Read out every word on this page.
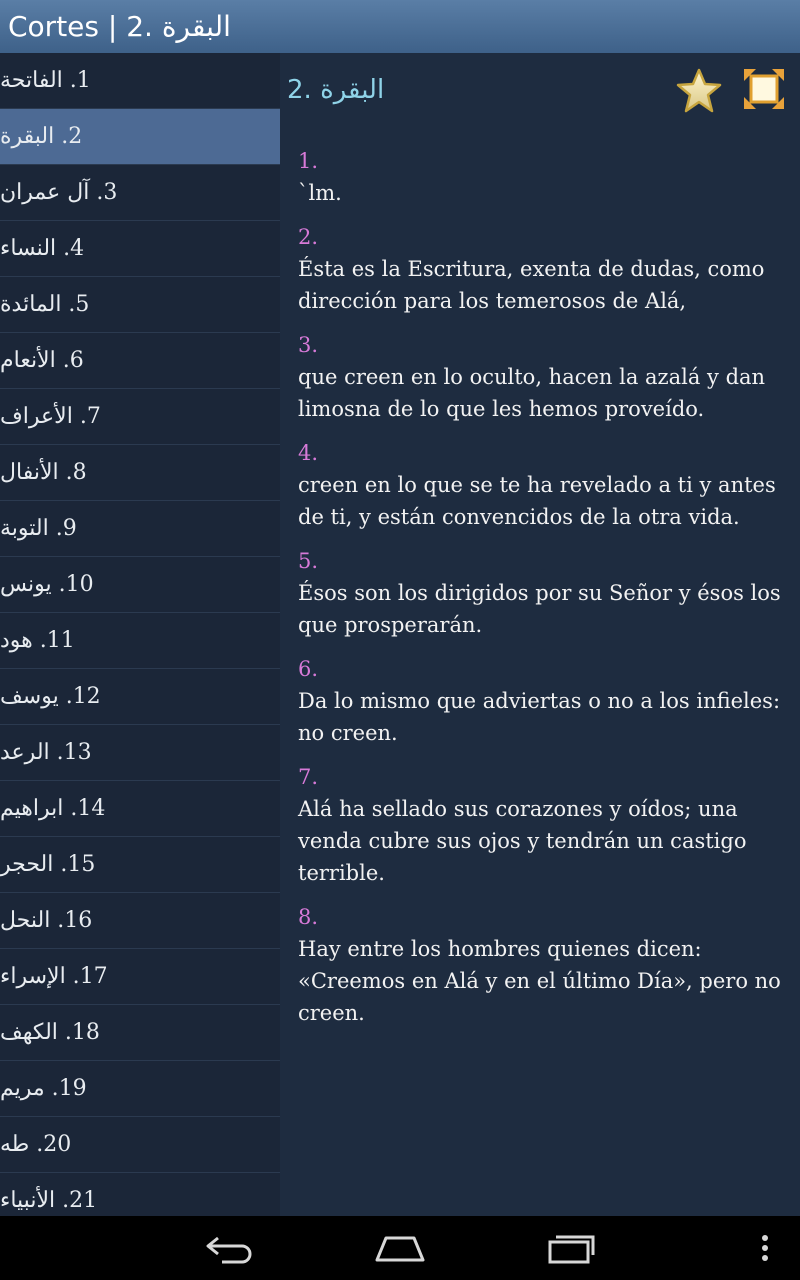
Cortes | 2. البقرة
1. الفاتحة
2. البقرة
3. آل عمران
4. النساء
5. المائدة
6. الأنعام
7. الأعراف
8. الأنفال
9. التوبة
10. يونس
11. هود
12. يوسف
13. الرعد
14. ابراهيم
15. الحجر
16. النحل
17. الإسراء
18. الكهف
19. مريم
20. طه
21. الأنبياء
2. البقرة
1.
`lm.
2.
Ésta es la Escritura, exenta de dudas, como dirección para los temerosos de Alá,
3.
que creen en lo oculto, hacen la azalá y dan limosna de lo que les hemos proveído.
4.
creen en lo que se te ha revelado a ti y antes de ti, y están convencidos de la otra vida.
5.
Ésos son los dirigidos por su Señor y ésos los que prosperarán.
6.
Da lo mismo que adviertas o no a los infieles: no creen.
7.
Alá ha sellado sus corazones y oídos; una venda cubre sus ojos y tendrán un castigo terrible.
8.
Hay entre los hombres quienes dicen: «Creemos en Alá y en el último Día», pero no creen.
